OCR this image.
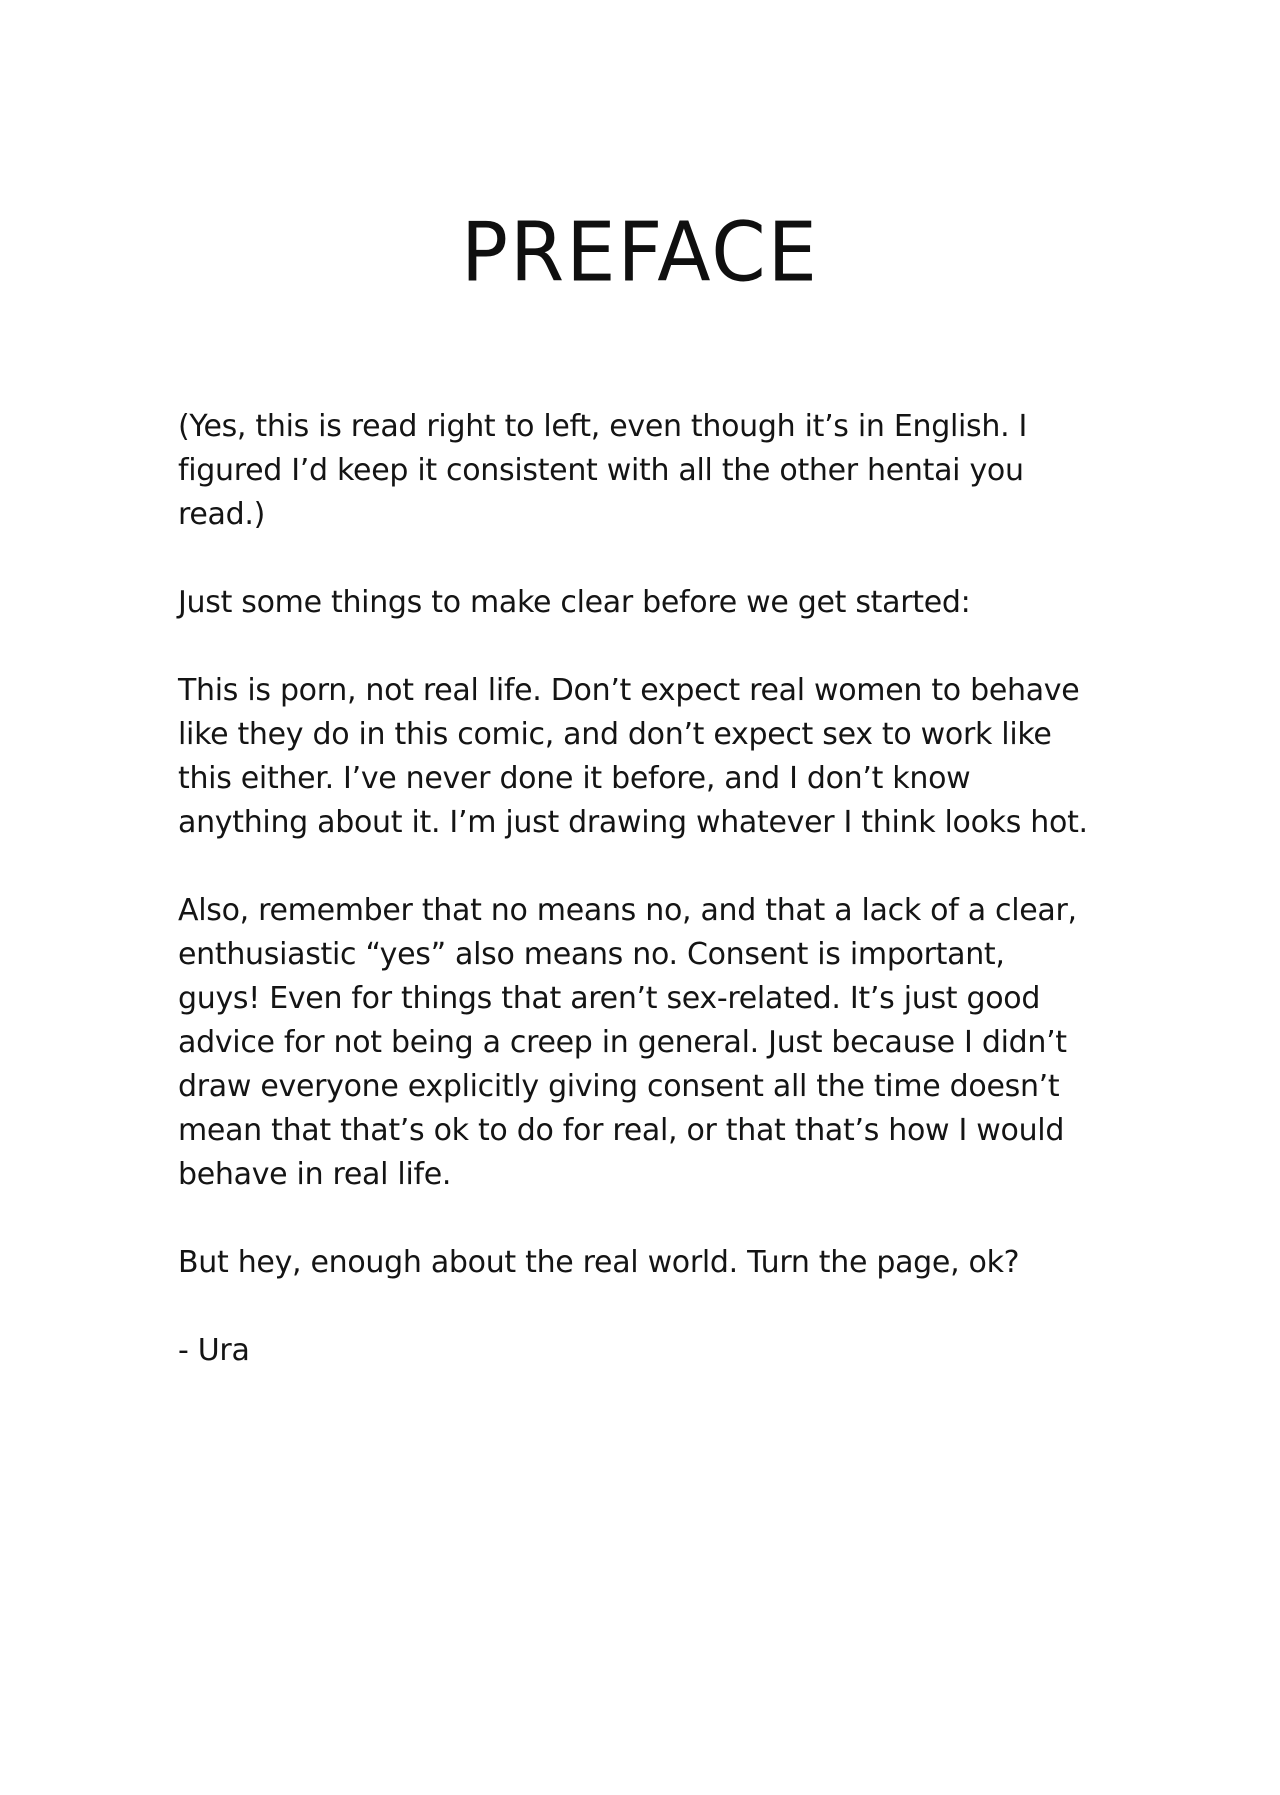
PREFACE

(Yes, this is read right to left, even though it’s in English. I
figured I’d keep it consistent with all the other hentai you
read.)

Just some things to make clear before we get started:

This is porn, not real life. Don’t expect real women to behave
like they do in this comic, and don’t expect sex to work like
this either. I’ve never done it before, and I don’t know
anything about it. I’m just drawing whatever I think looks hot.

Also, remember that no means no, and that a lack of a clear,
enthusiastic “yes” also means no. Consent is important,
guys! Even for things that aren’t sex-related. It’s just good
advice for not being a creep in general. Just because I didn’t
draw everyone explicitly giving consent all the time doesn’t
mean that that’s ok to do for real, or that that’s how I would
behave in real life.

But hey, enough about the real world. Turn the page, ok?

- Ura
